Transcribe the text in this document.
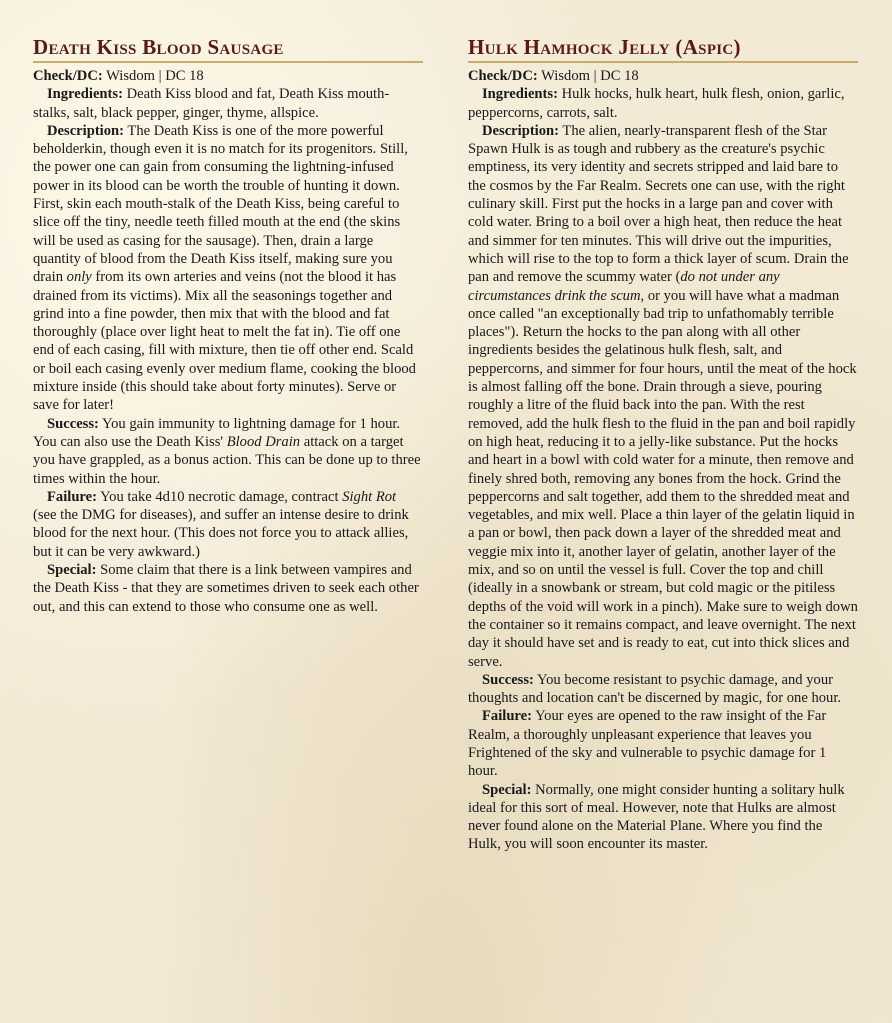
Death Kiss Blood Sausage

Check/DC: Wisdom | DC 18

Ingredients: Death Kiss blood and fat, Death Kiss mouth-stalks, salt, black pepper, ginger, thyme, allspice.

Description: The Death Kiss is one of the more powerful beholderkin, though even it is no match for its progenitors. Still, the power one can gain from consuming the lightning-infused power in its blood can be worth the trouble of hunting it down. First, skin each mouth-stalk of the Death Kiss, being careful to slice off the tiny, needle teeth filled mouth at the end (the skins will be used as casing for the sausage). Then, drain a large quantity of blood from the Death Kiss itself, making sure you drain only from its own arteries and veins (not the blood it has drained from its victims). Mix all the seasonings together and grind into a fine powder, then mix that with the blood and fat thoroughly (place over light heat to melt the fat in). Tie off one end of each casing, fill with mixture, then tie off other end. Scald or boil each casing evenly over medium flame, cooking the blood mixture inside (this should take about forty minutes). Serve or save for later!

Success: You gain immunity to lightning damage for 1 hour. You can also use the Death Kiss' Blood Drain attack on a target you have grappled, as a bonus action. This can be done up to three times within the hour.

Failure: You take 4d10 necrotic damage, contract Sight Rot (see the DMG for diseases), and suffer an intense desire to drink blood for the next hour. (This does not force you to attack allies, but it can be very awkward.)

Special: Some claim that there is a link between vampires and the Death Kiss - that they are sometimes driven to seek each other out, and this can extend to those who consume one as well.

Hulk Hamhock Jelly (Aspic)

Check/DC: Wisdom | DC 18

Ingredients: Hulk hocks, hulk heart, hulk flesh, onion, garlic, peppercorns, carrots, salt.

Description: The alien, nearly-transparent flesh of the Star Spawn Hulk is as tough and rubbery as the creature's psychic emptiness, its very identity and secrets stripped and laid bare to the cosmos by the Far Realm. Secrets one can use, with the right culinary skill. First put the hocks in a large pan and cover with cold water. Bring to a boil over a high heat, then reduce the heat and simmer for ten minutes. This will drive out the impurities, which will rise to the top to form a thick layer of scum. Drain the pan and remove the scummy water (do not under any circumstances drink the scum, or you will have what a madman once called "an exceptionally bad trip to unfathomably terrible places"). Return the hocks to the pan along with all other ingredients besides the gelatinous hulk flesh, salt, and peppercorns, and simmer for four hours, until the meat of the hock is almost falling off the bone. Drain through a sieve, pouring roughly a litre of the fluid back into the pan. With the rest removed, add the hulk flesh to the fluid in the pan and boil rapidly on high heat, reducing it to a jelly-like substance. Put the hocks and heart in a bowl with cold water for a minute, then remove and finely shred both, removing any bones from the hock. Grind the peppercorns and salt together, add them to the shredded meat and vegetables, and mix well. Place a thin layer of the gelatin liquid in a pan or bowl, then pack down a layer of the shredded meat and veggie mix into it, another layer of gelatin, another layer of the mix, and so on until the vessel is full. Cover the top and chill (ideally in a snowbank or stream, but cold magic or the pitiless depths of the void will work in a pinch). Make sure to weigh down the container so it remains compact, and leave overnight. The next day it should have set and is ready to eat, cut into thick slices and serve.

Success: You become resistant to psychic damage, and your thoughts and location can't be discerned by magic, for one hour.

Failure: Your eyes are opened to the raw insight of the Far Realm, a thoroughly unpleasant experience that leaves you Frightened of the sky and vulnerable to psychic damage for 1 hour.

Special: Normally, one might consider hunting a solitary hulk ideal for this sort of meal. However, note that Hulks are almost never found alone on the Material Plane. Where you find the Hulk, you will soon encounter its master.
